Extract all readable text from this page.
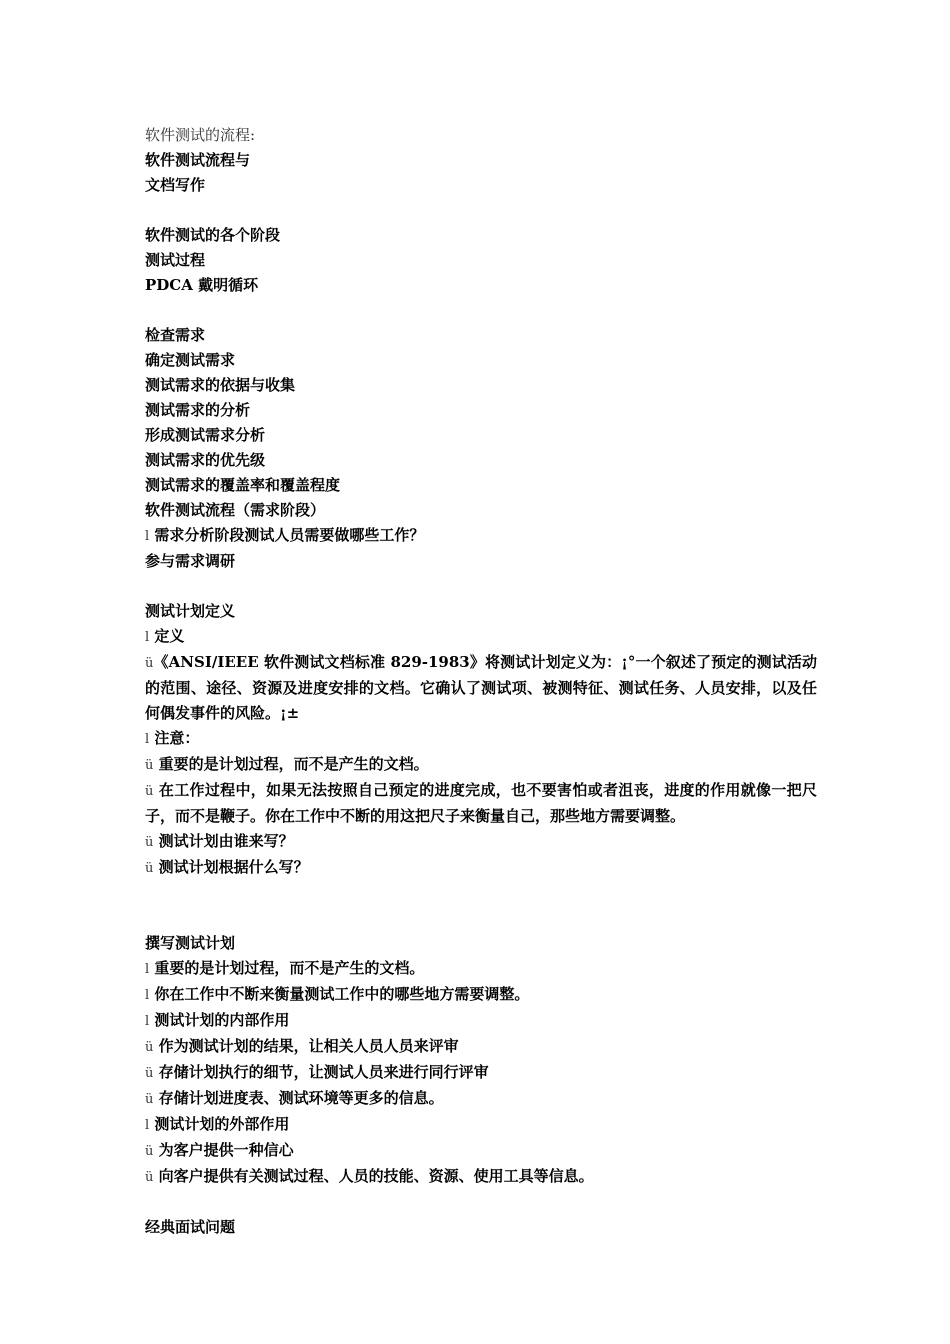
软件测试的流程:

软件测试流程与

文档写作

软件测试的各个阶段

测试过程

PDCA 戴明循环

检查需求

确定测试需求

测试需求的依据与收集

测试需求的分析

形成测试需求分析

测试需求的优先级

测试需求的覆盖率和覆盖程度

软件测试流程（需求阶段）

l 需求分析阶段测试人员需要做哪些工作？

参与需求调研

测试计划定义

l 定义

ü《ANSI/IEEE 软件测试文档标准 829-1983》将测试计划定义为：¡°一个叙述了预定的测试活动的范围、途径、资源及进度安排的文档。它确认了测试项、被测特征、测试任务、人员安排，以及任何偶发事件的风险。¡±

l 注意：

ü 重要的是计划过程，而不是产生的文档。

ü 在工作过程中，如果无法按照自己预定的进度完成，也不要害怕或者沮丧，进度的作用就像一把尺子，而不是鞭子。你在工作中不断的用这把尺子来衡量自己，那些地方需要调整。

ü 测试计划由谁来写？

ü 测试计划根据什么写？

撰写测试计划

l 重要的是计划过程，而不是产生的文档。

l 你在工作中不断来衡量测试工作中的哪些地方需要调整。

l 测试计划的内部作用

ü 作为测试计划的结果，让相关人员人员来评审

ü 存储计划执行的细节，让测试人员来进行同行评审

ü 存储计划进度表、测试环境等更多的信息。

l 测试计划的外部作用

ü 为客户提供一种信心

ü 向客户提供有关测试过程、人员的技能、资源、使用工具等信息。

经典面试问题
